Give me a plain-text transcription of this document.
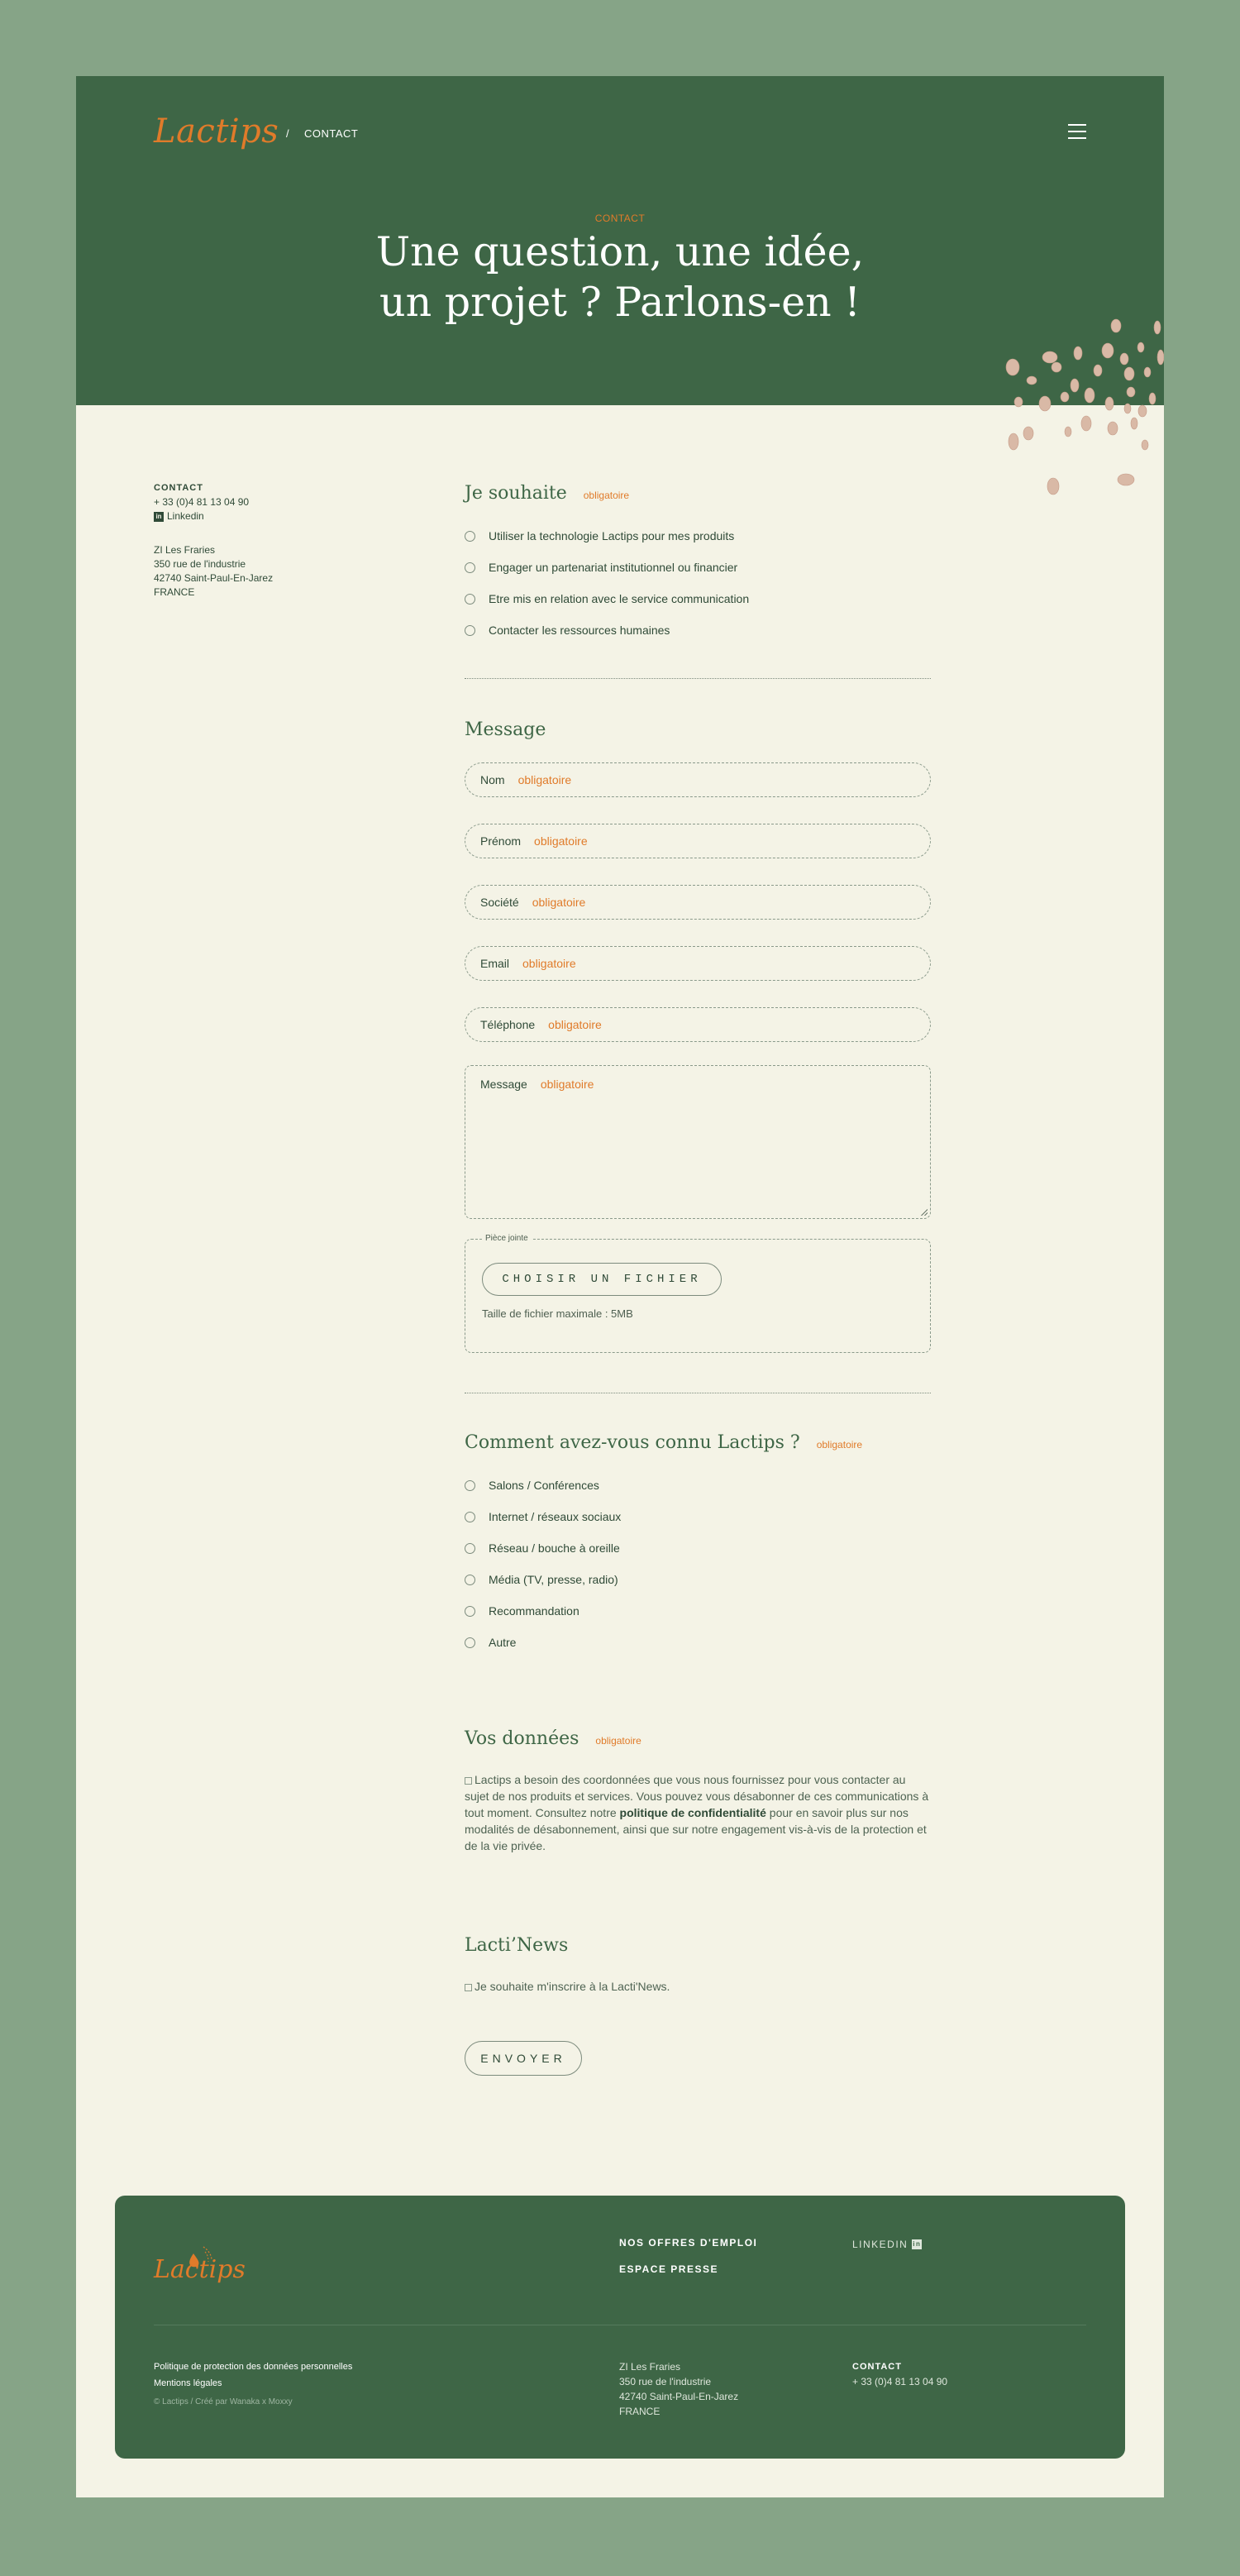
Lactips / CONTACT
CONTACT
Une question, une idée,
un projet ? Parlons-en !
CONTACT
+ 33 (0)4 81 13 04 90
in Linkedin
ZI Les Fraries
350 rue de l'industrie
42740 Saint-Paul-En-Jarez
FRANCE
Je souhaite obligatoire
Utiliser la technologie Lactips pour mes produits
Engager un partenariat institutionnel ou financier
Etre mis en relation avec le service communication
Contacter les ressources humaines
Message
Nom obligatoire
Prénom obligatoire
Société obligatoire
Email obligatoire
Téléphone obligatoire
Message obligatoire
Pièce jointe
CHOISIR UN FICHIER
Taille de fichier maximale : 5MB
Comment avez-vous connu Lactips ? obligatoire
Salons / Conférences
Internet / réseaux sociaux
Réseau / bouche à oreille
Média (TV, presse, radio)
Recommandation
Autre
Vos données obligatoire
Lactips a besoin des coordonnées que vous nous fournissez pour vous contacter au sujet de nos produits et services. Vous pouvez vous désabonner de ces communications à tout moment. Consultez notre politique de confidentialité pour en savoir plus sur nos modalités de désabonnement, ainsi que sur notre engagement vis-à-vis de la protection et de la vie privée.
Lacti’News
Je souhaite m'inscrire à la Lacti'News.
ENVOYER
Lactips
NOS OFFRES D'EMPLOI
ESPACE PRESSE
LINKEDIN in
Politique de protection des données personnelles
Mentions légales
© Lactips / Créé par Wanaka x Moxxy
ZI Les Fraries
350 rue de l'industrie
42740 Saint-Paul-En-Jarez
FRANCE
CONTACT
+ 33 (0)4 81 13 04 90
